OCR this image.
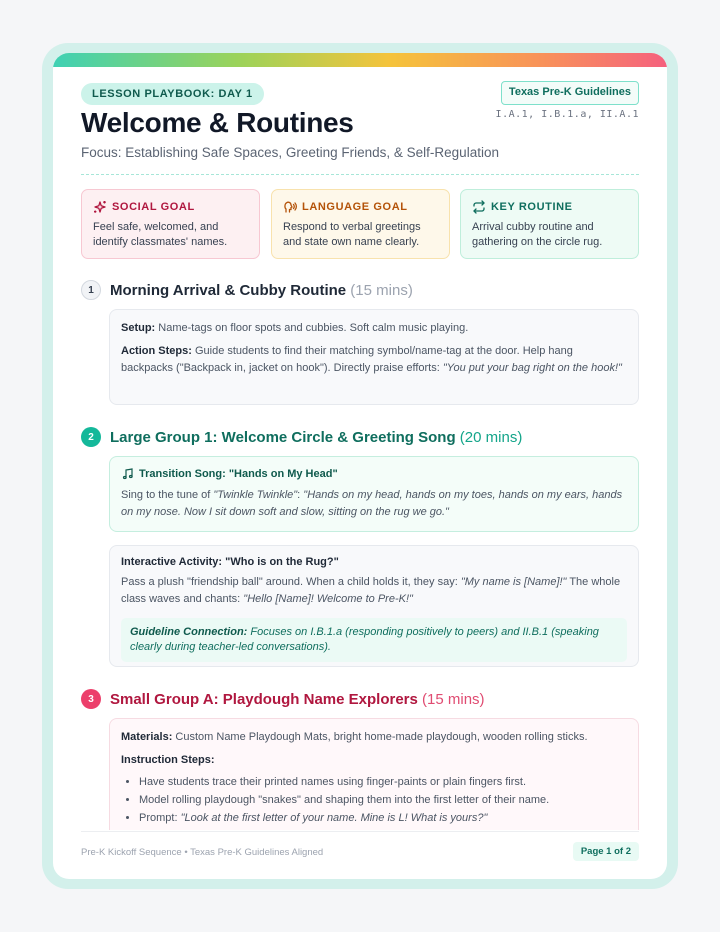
LESSON PLAYBOOK: DAY 1	Texas Pre-K Guidelines
I.A.1, I.B.1.a, II.A.1
Welcome & Routines
Focus: Establishing Safe Spaces, Greeting Friends, & Self-Regulation
SOCIAL GOAL
Feel safe, welcomed, and identify classmates' names.
LANGUAGE GOAL
Respond to verbal greetings and state own name clearly.
KEY ROUTINE
Arrival cubby routine and gathering on the circle rug.
1	Morning Arrival & Cubby Routine (15 mins)

Setup: Name-tags on floor spots and cubbies. Soft calm music playing.

Action Steps: Guide students to find their matching symbol/name-tag at the door. Help hang backpacks ("Backpack in, jacket on hook"). Directly praise efforts: "You put your bag right on the hook!"

2	Large Group 1: Welcome Circle & Greeting Song (20 mins)
Transition Song: "Hands on My Head"

Sing to the tune of "Twinkle Twinkle": "Hands on my head, hands on my toes, hands on my ears, hands on my nose. Now I sit down soft and slow, sitting on the rug we go."

Interactive Activity: "Who is on the Rug?"

Pass a plush "friendship ball" around. When a child holds it, they say: "My name is [Name]!" The whole class waves and chants: "Hello [Name]! Welcome to Pre-K!"

Guideline Connection: Focuses on I.B.1.a (responding positively to peers) and II.B.1 (speaking clearly during teacher-led conversations).
3	Small Group A: Playdough Name Explorers (15 mins)

Materials: Custom Name Playdough Mats, bright home-made playdough, wooden rolling sticks.

Instruction Steps:

• Have students trace their printed names using finger-paints or plain fingers first.
• Model rolling playdough "snakes" and shaping them into the first letter of their name.
• Prompt: "Look at the first letter of your name. Mine is L! What is yours?"
Pre-K Kickoff Sequence • Texas Pre-K Guidelines Aligned	Page 1 of 2
